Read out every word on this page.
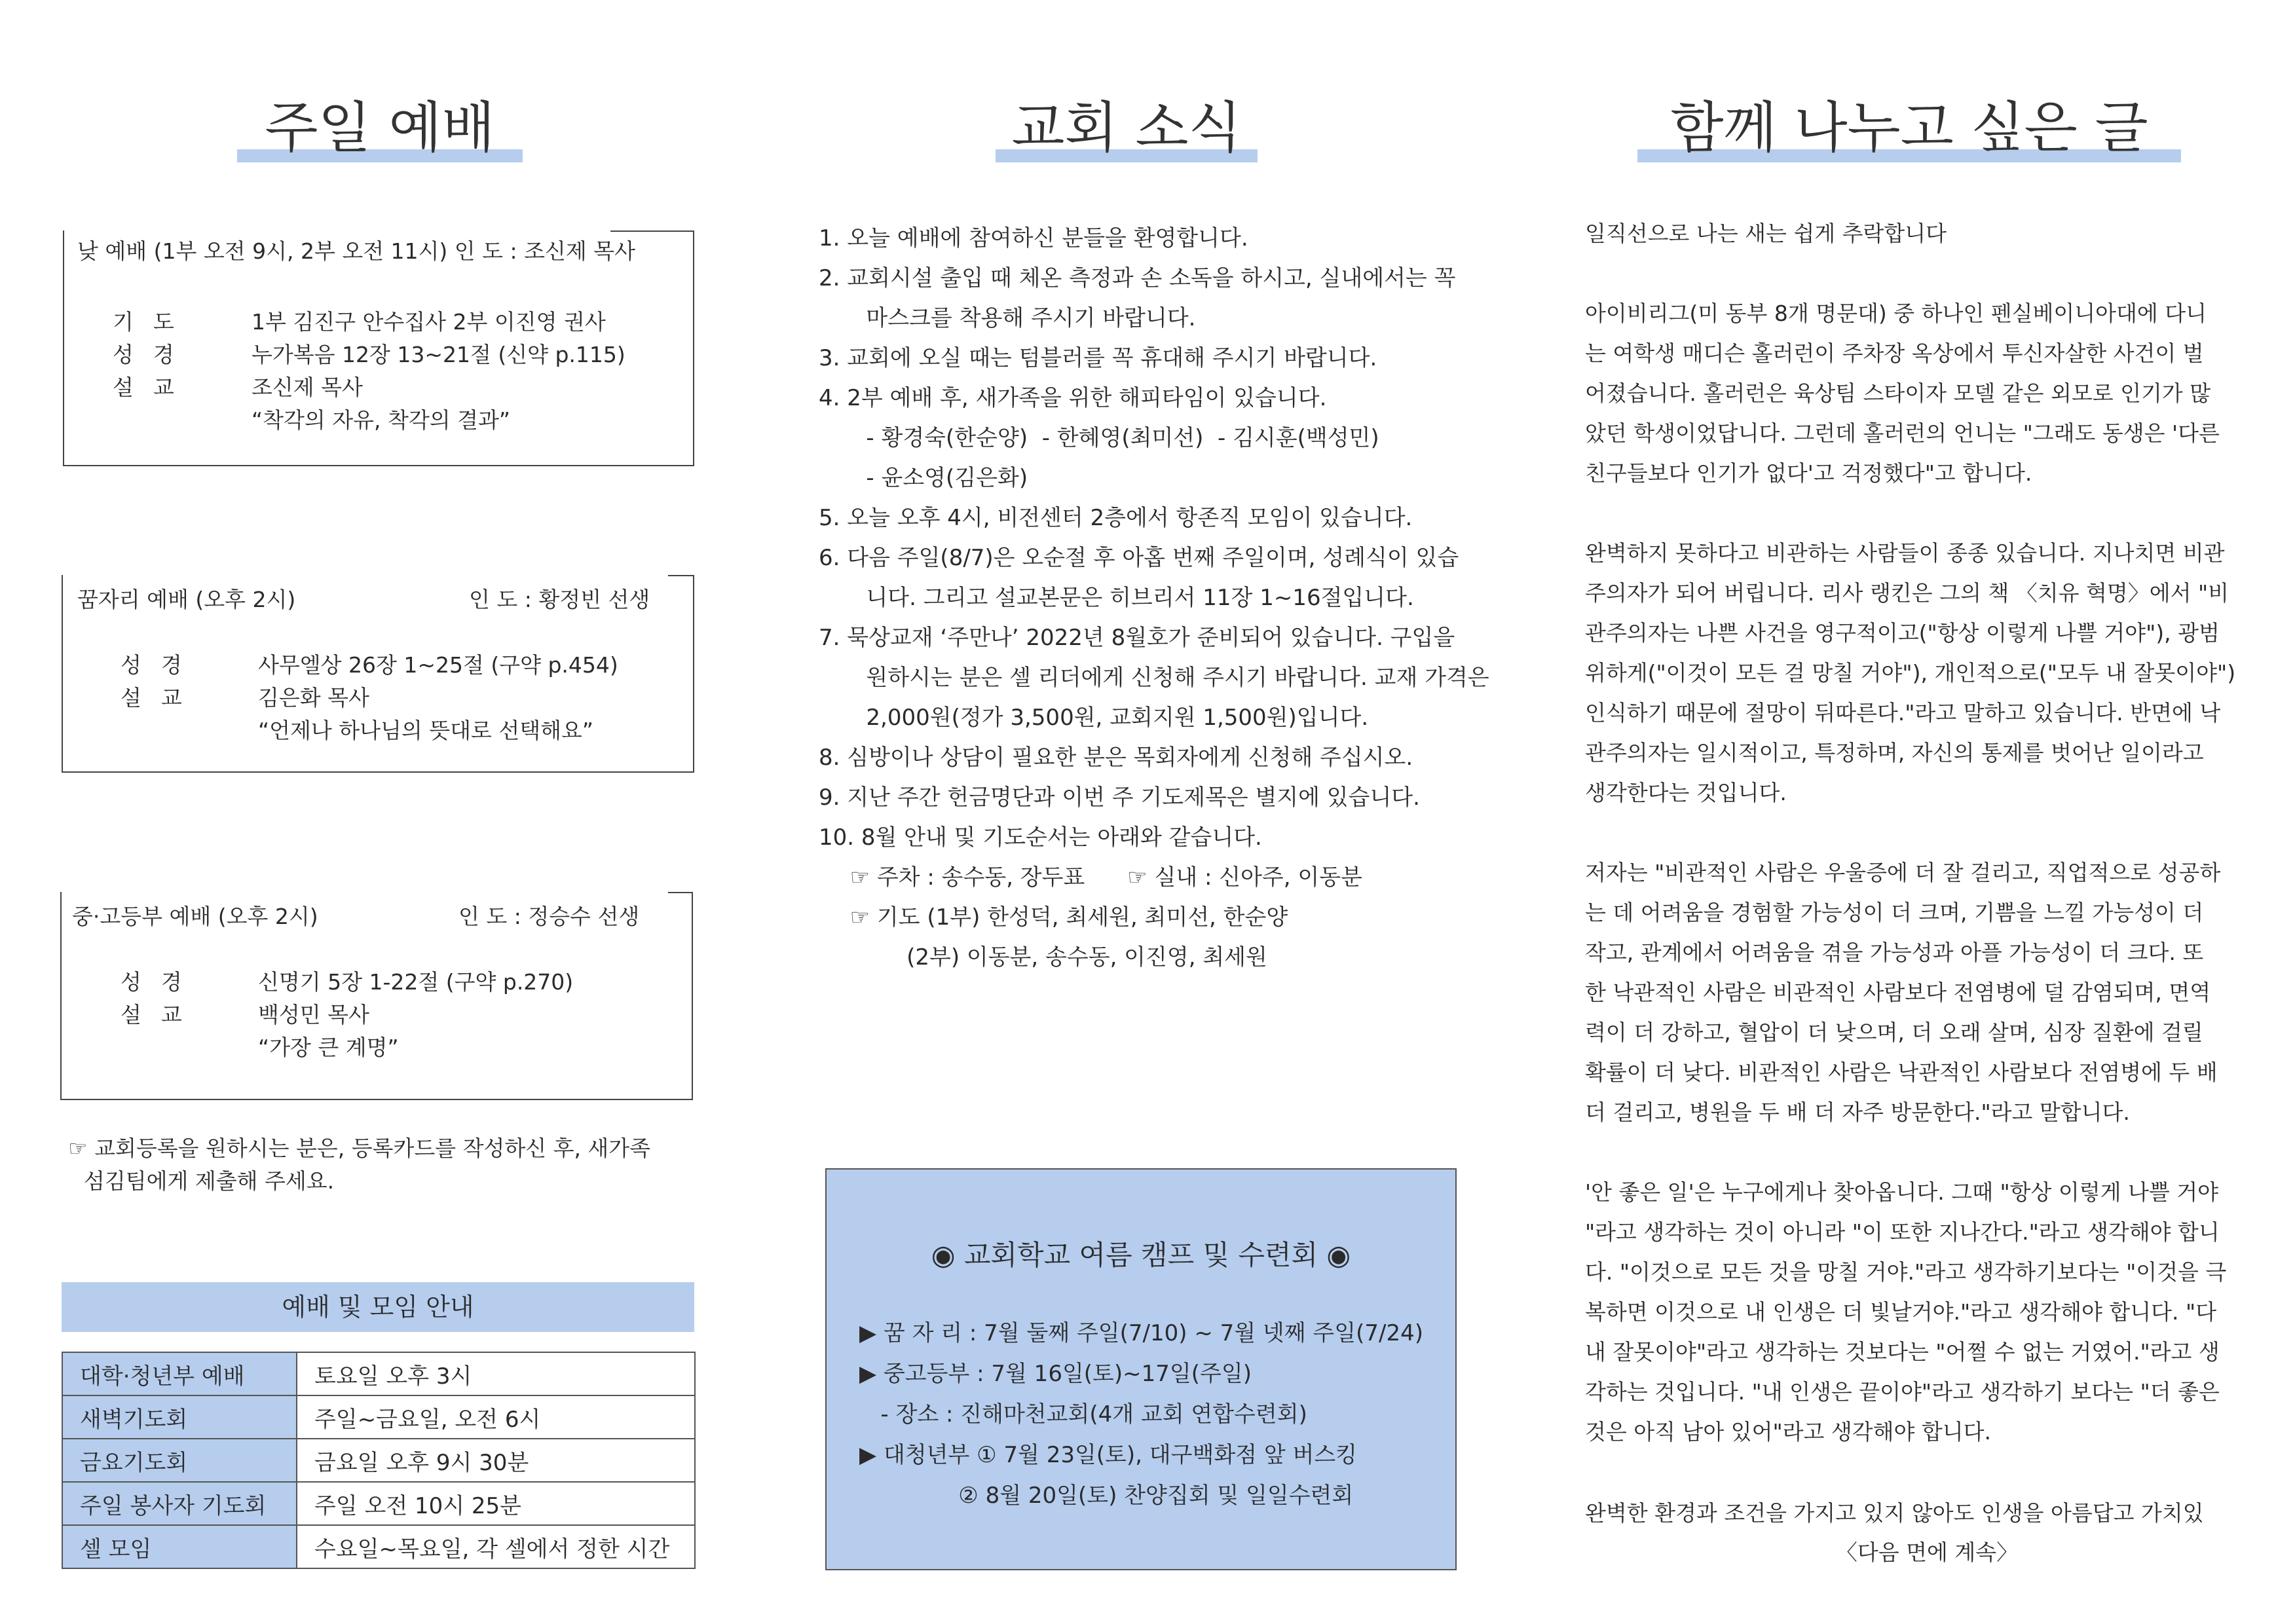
주일 예배
낮 예배 (1부 오전 9시, 2부 오전 11시) 인 도 : 조신제 목사
기도	1부 김진구 안수집사 2부 이진영 권사
성경	누가복음 12장 13~21절 (신약 p.115)
설교	조신제 목사
“착각의 자유, 착각의 결과”
꿈자리 예배 (오후 2시)	인 도 : 황정빈 선생
성경	사무엘상 26장 1~25절 (구약 p.454)
설교	김은화 목사
“언제나 하나님의 뜻대로 선택해요”
중·고등부 예배 (오후 2시)	인 도 : 정승수 선생
성경	신명기 5장 1-22절 (구약 p.270)
설교	백성민 목사
“가장 큰 계명”
☞ 교회등록을 원하시는 분은, 등록카드를 작성하신 후, 새가족
섬김팀에게 제출해 주세요.
예배 및 모임 안내
대학·청년부 예배	토요일 오후 3시
새벽기도회	주일~금요일, 오전 6시
금요기도회	금요일 오후 9시 30분
주일 봉사자 기도회	주일 오전 10시 25분
셀 모임	수요일~목요일, 각 셀에서 정한 시간
교회 소식
1. 오늘 예배에 참여하신 분들을 환영합니다.
2. 교회시설 출입 때 체온 측정과 손 소독을 하시고, 실내에서는 꼭
마스크를 착용해 주시기 바랍니다.
3. 교회에 오실 때는 텀블러를 꼭 휴대해 주시기 바랍니다.
4. 2부 예배 후, 새가족을 위한 해피타임이 있습니다.
- 황경숙(한순양)  - 한혜영(최미선)  - 김시훈(백성민)
- 윤소영(김은화)
5. 오늘 오후 4시, 비전센터 2층에서 항존직 모임이 있습니다.
6. 다음 주일(8/7)은 오순절 후 아홉 번째 주일이며, 성례식이 있습
니다. 그리고 설교본문은 히브리서 11장 1~16절입니다.
7. 묵상교재 ‘주만나’ 2022년 8월호가 준비되어 있습니다. 구입을
원하시는 분은 셀 리더에게 신청해 주시기 바랍니다. 교재 가격은
2,000원(정가 3,500원, 교회지원 1,500원)입니다.
8. 심방이나 상담이 필요한 분은 목회자에게 신청해 주십시오.
9. 지난 주간 헌금명단과 이번 주 기도제목은 별지에 있습니다.
10. 8월 안내 및 기도순서는 아래와 같습니다.
☞ 주차 : 송수동, 장두표      ☞ 실내 : 신아주, 이동분
☞ 기도 (1부) 한성덕, 최세원, 최미선, 한순양
(2부) 이동분, 송수동, 이진영, 최세원
◉ 교회학교 여름 캠프 및 수련회 ◉
▶ 꿈 자 리 : 7월 둘째 주일(7/10) ~ 7월 넷째 주일(7/24)
▶ 중고등부 : 7월 16일(토)~17일(주일)
- 장소 : 진해마천교회(4개 교회 연합수련회)
▶ 대청년부 ① 7월 23일(토), 대구백화점 앞 버스킹
② 8월 20일(토) 찬양집회 및 일일수련회
함께 나누고 싶은 글
일직선으로 나는 새는 쉽게 추락합니다
아이비리그(미 동부 8개 명문대) 중 하나인 펜실베이니아대에 다니
는 여학생 매디슨 홀러런이 주차장 옥상에서 투신자살한 사건이 벌
어졌습니다. 홀러런은 육상팀 스타이자 모델 같은 외모로 인기가 많
았던 학생이었답니다. 그런데 홀러런의 언니는 "그래도 동생은 '다른
친구들보다 인기가 없다'고 걱정했다"고 합니다.
완벽하지 못하다고 비관하는 사람들이 종종 있습니다. 지나치면 비관
주의자가 되어 버립니다. 리사 랭킨은 그의 책 〈치유 혁명〉에서 "비
관주의자는 나쁜 사건을 영구적이고("항상 이렇게 나쁠 거야"), 광범
위하게("이것이 모든 걸 망칠 거야"), 개인적으로("모두 내 잘못이야")
인식하기 때문에 절망이 뒤따른다."라고 말하고 있습니다. 반면에 낙
관주의자는 일시적이고, 특정하며, 자신의 통제를 벗어난 일이라고
생각한다는 것입니다.
저자는 "비관적인 사람은 우울증에 더 잘 걸리고, 직업적으로 성공하
는 데 어려움을 경험할 가능성이 더 크며, 기쁨을 느낄 가능성이 더
작고, 관계에서 어려움을 겪을 가능성과 아플 가능성이 더 크다. 또
한 낙관적인 사람은 비관적인 사람보다 전염병에 덜 감염되며, 면역
력이 더 강하고, 혈압이 더 낮으며, 더 오래 살며, 심장 질환에 걸릴
확률이 더 낮다. 비관적인 사람은 낙관적인 사람보다 전염병에 두 배
더 걸리고, 병원을 두 배 더 자주 방문한다."라고 말합니다.
'안 좋은 일'은 누구에게나 찾아옵니다. 그때 "항상 이렇게 나쁠 거야
"라고 생각하는 것이 아니라 "이 또한 지나간다."라고 생각해야 합니
다. "이것으로 모든 것을 망칠 거야."라고 생각하기보다는 "이것을 극
복하면 이것으로 내 인생은 더 빛날거야."라고 생각해야 합니다. "다
내 잘못이야"라고 생각하는 것보다는 "어쩔 수 없는 거였어."라고 생
각하는 것입니다. "내 인생은 끝이야"라고 생각하기 보다는 "더 좋은
것은 아직 남아 있어"라고 생각해야 합니다.
완벽한 환경과 조건을 가지고 있지 않아도 인생을 아름답고 가치있
〈다음 면에 계속〉
